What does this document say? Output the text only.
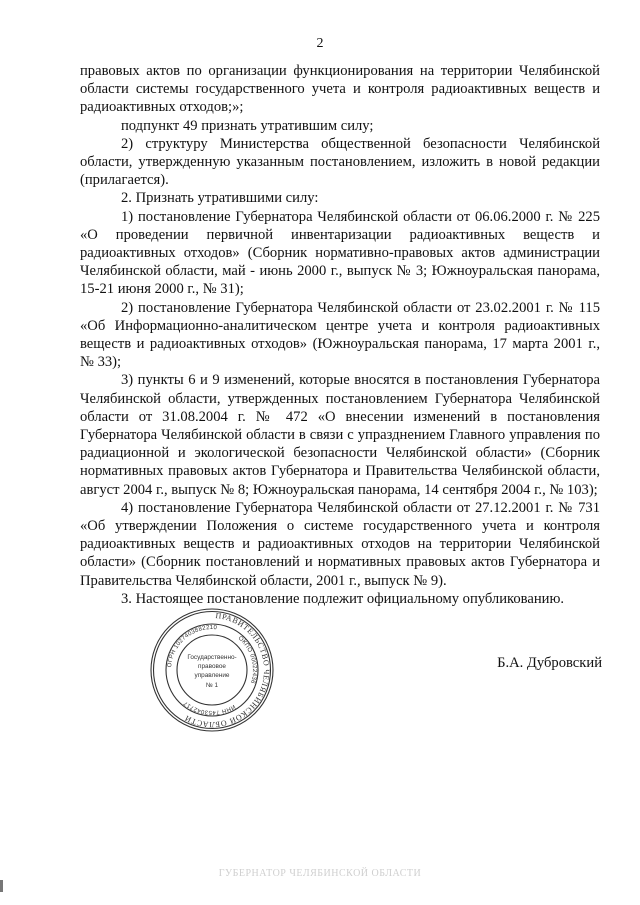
2

правовых актов по организации функционирования на территории Челябинской области системы государственного учета и контроля радиоактивных веществ и радиоактивных отходов;»;

подпункт 49 признать утратившим силу;

2) структуру Министерства общественной безопасности Челябинской области, утвержденную указанным постановлением, изложить в новой редакции (прилагается).

2. Признать утратившими силу:

1) постановление Губернатора Челябинской области от 06.06.2000 г. № 225 «О проведении первичной инвентаризации радиоактивных веществ и радиоактивных отходов» (Сборник нормативно-правовых актов администрации Челябинской области, май - июнь 2000 г., выпуск № 3; Южноуральская панорама, 15-21 июня 2000 г., № 31);

2) постановление Губернатора Челябинской области от 23.02.2001 г. № 115 «Об Информационно-аналитическом центре учета и контроля радиоактивных веществ и радиоактивных отходов» (Южноуральская панорама, 17 марта 2001 г., № 33);

3) пункты 6 и 9 изменений, которые вносятся в постановления Губернатора Челябинской области, утвержденных постановлением Губернатора Челябинской области от 31.08.2004 г. № 472 «О внесении изменений в постановления Губернатора Челябинской области в связи с упразднением Главного управления по радиационной и экологической безопасности Челябинской области» (Сборник нормативных правовых актов Губернатора и Правительства Челябинской области, август 2004 г., выпуск № 8; Южноуральская панорама, 14 сентября 2004 г., № 103);

4) постановление Губернатора Челябинской области от 27.12.2001 г. № 731 «Об утверждении Положения о системе государственного учета и контроля радиоактивных веществ и радиоактивных отходов на территории Челябинской области» (Сборник постановлений и нормативных правовых актов Губернатора и Правительства Челябинской области, 2001 г., выпуск № 9).

3. Настоящее постановление подлежит официальному опубликованию.

ПРАВИТЕЛЬСТВО ЧЕЛЯБИНСКОЙ ОБЛАСТИ
ОГРН 1027403882210
ОКПО 00022436
ИНН 7453042717
Государственно-
правовое
управление
№ 1
Б.А. Дубровский
ГУБЕРНАТОР ЧЕЛЯБИНСКОЙ ОБЛАСТИ
